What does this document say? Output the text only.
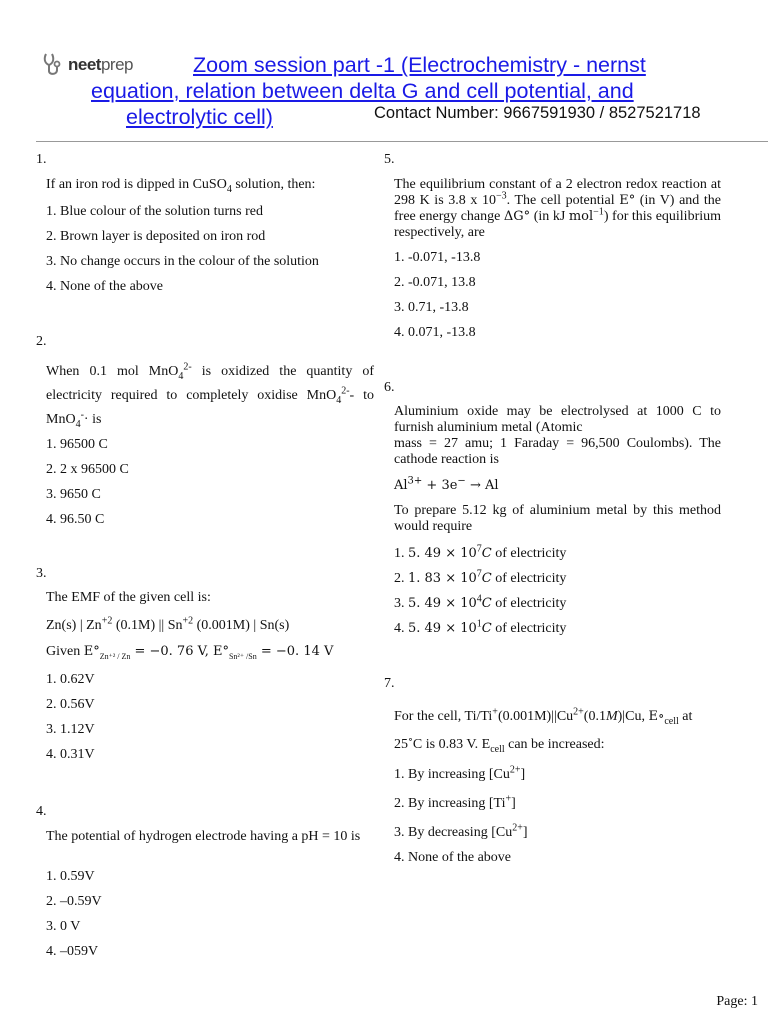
neetprep	Zoom session part -1 (Electrochemistry - nernst
equation, relation between delta G and cell potential, and
electrolytic cell)	Contact Number: 9667591930 / 8527521718
1.
If an iron rod is dipped in CuSO$_4$ solution, then:
1. Blue colour of the solution turns red
2. Brown layer is deposited on iron rod
3. No change occurs in the colour of the solution
4. None of the above
2.
When 0.1 mol MnO$_4^{2-}$ is oxidized the quantity of electricity required to completely oxidise MnO$_4^{2-}$- to MnO$_4$-· is
1. 96500 C
2. 2 x 96500 C
3. 9650 C
4. 96.50 C
3.
The EMF of the given cell is:
Zn(s) | $Zn^{+2}$ (0.1M) || $Sn^{+2}$ (0.001M) | Sn(s)
Given $E^\circ_{Zn^{+2} / Zn} = -0$. 76 V, $E^\circ_{Sn^{2+} /Sn} = -0$. 14 V
1. 0.62V
2. 0.56V
3. 1.12V
4. 0.31V
4.
The potential of hydrogen electrode having a pH = 10 is
1. 0.59V
2. –0.59V
3. 0 V
4. –059V
5.
The equilibrium constant of a 2 electron redox reaction at 298 K is 3.8 x $10^{-3}$. The cell potential E° (in V) and the free energy change ΔG° (in kJ mol$^{-1}$) for this equilibrium respectively, are
1. -0.071, -13.8
2. -0.071, 13.8
3. 0.71, -13.8
4. 0.071, -13.8
6.
Aluminium oxide may be electrolysed at 1000 C to furnish aluminium metal (Atomic
mass = 27 amu; 1 Faraday = 96,500 Coulombs). The cathode reaction is
$Al^{3+} + 3e^- \to Al$
To prepare 5.12 kg of aluminium metal by this method would require
1. 5. $49 \times 10^7C$ of electricity
2. 1. $83 \times 10^7C$ of electricity
3. 5. $49 \times 10^4C$ of electricity
4. 5. $49 \times 10^1C$ of electricity
7.
For the cell, $Ti/Ti^+(0.001M)||Cu^{2+}(0.1M)|Cu$, $E\circ_{cell}$ at
25∘C is 0.83 V. $E_{cell}$ can be increased:
1. By increasing $[Cu^{2+}]$
2. By increasing [Ti+]
3. By decreasing $[Cu^{2+}]$
4. None of the above
Page: 1
